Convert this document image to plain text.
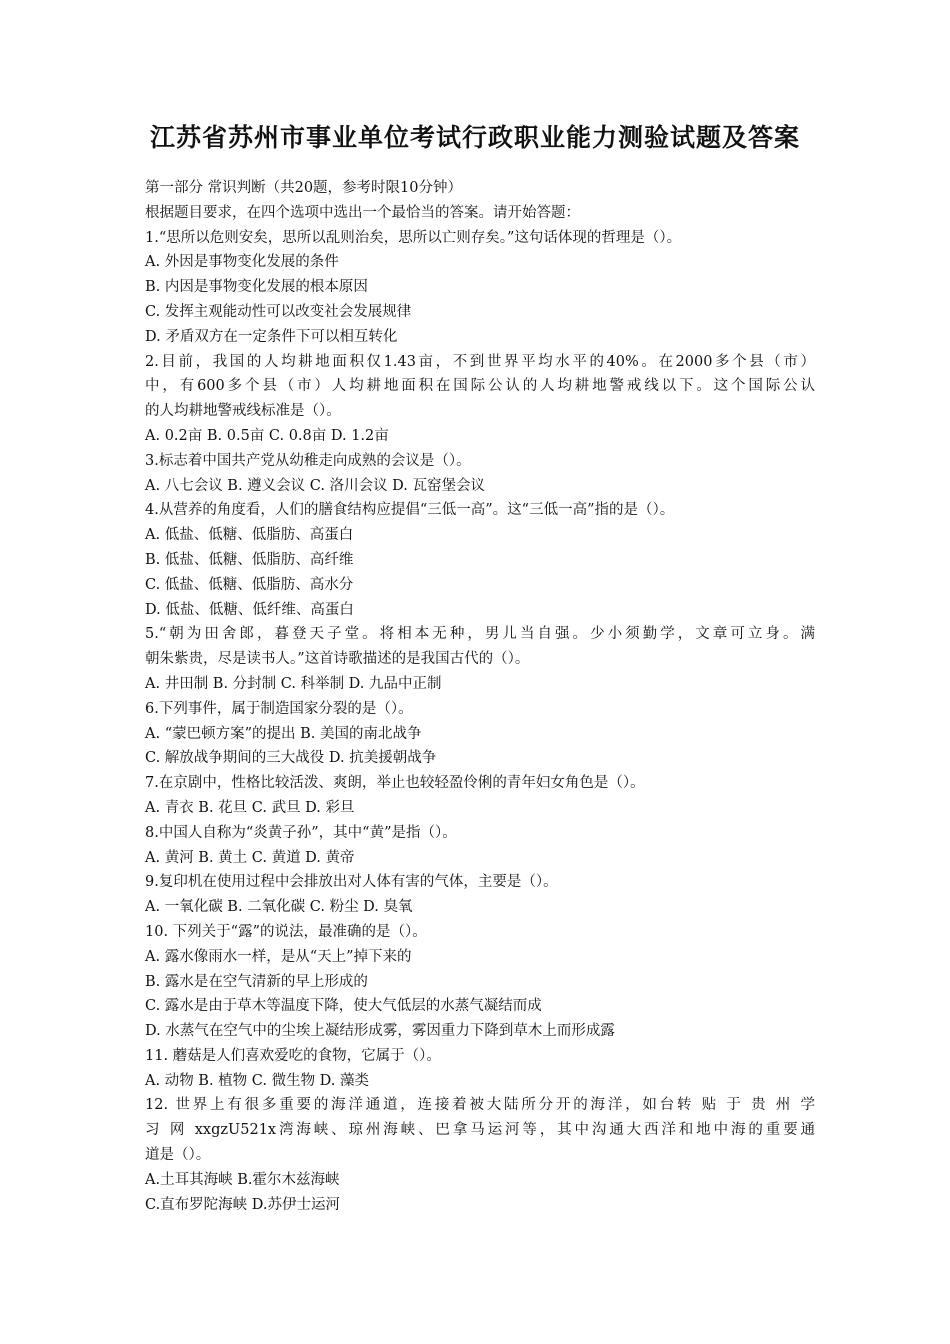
江苏省苏州市事业单位考试行政职业能力测验试题及答案
第一部分 常识判断（共20题，参考时限10分钟）
根据题目要求，在四个选项中选出一个最恰当的答案。请开始答题：
1.“思所以危则安矣，思所以乱则治矣，思所以亡则存矣。”这句话体现的哲理是（）。
A. 外因是事物变化发展的条件
B. 内因是事物变化发展的根本原因
C. 发挥主观能动性可以改变社会发展规律
D. 矛盾双方在一定条件下可以相互转化
2.目前，我国的人均耕地面积仅1.43亩，不到世界平均水平的40%。在2000多个县（市）
中，有600多个县（市）人均耕地面积在国际公认的人均耕地警戒线以下。这个国际公认
的人均耕地警戒线标准是（）。
A. 0.2亩 B. 0.5亩 C. 0.8亩 D. 1.2亩
3.标志着中国共产党从幼稚走向成熟的会议是（）。
A. 八七会议 B. 遵义会议 C. 洛川会议 D. 瓦窑堡会议
4.从营养的角度看，人们的膳食结构应提倡“三低一高”。这“三低一高”指的是（）。
A. 低盐、低糖、低脂肪、高蛋白
B. 低盐、低糖、低脂肪、高纤维
C. 低盐、低糖、低脂肪、高水分
D. 低盐、低糖、低纤维、高蛋白
5.“朝为田舍郎，暮登天子堂。将相本无种，男儿当自强。少小须勤学，文章可立身。满
朝朱紫贵，尽是读书人。”这首诗歌描述的是我国古代的（）。
A. 井田制 B. 分封制 C. 科举制 D. 九品中正制
6.下列事件，属于制造国家分裂的是（）。
A. “蒙巴顿方案”的提出 B. 美国的南北战争
C. 解放战争期间的三大战役 D. 抗美援朝战争
7.在京剧中，性格比较活泼、爽朗，举止也较轻盈伶俐的青年妇女角色是（）。
A. 青衣 B. 花旦 C. 武旦 D. 彩旦
8.中国人自称为“炎黄子孙”，其中“黄”是指（）。
A. 黄河 B. 黄土 C. 黄道 D. 黄帝
9.复印机在使用过程中会排放出对人体有害的气体，主要是（）。
A. 一氧化碳 B. 二氧化碳 C. 粉尘 D. 臭氧
10. 下列关于“露”的说法，最准确的是（）。
A. 露水像雨水一样，是从“天上”掉下来的
B. 露水是在空气清新的早上形成的
C. 露水是由于草木等温度下降，使大气低层的水蒸气凝结而成
D. 水蒸气在空气中的尘埃上凝结形成雾，雾因重力下降到草木上而形成露
11. 蘑菇是人们喜欢爱吃的食物，它属于（）。
A. 动物 B. 植物 C. 微生物 D. 藻类
12. 世界上有很多重要的海洋通道，连接着被大陆所分开的海洋，如台转 贴 于 贵 州 学
习 网 xxgzU521x湾海峡、琼州海峡、巴拿马运河等，其中沟通大西洋和地中海的重要通
道是（）。
A.土耳其海峡 B.霍尔木兹海峡
C.直布罗陀海峡 D.苏伊士运河
